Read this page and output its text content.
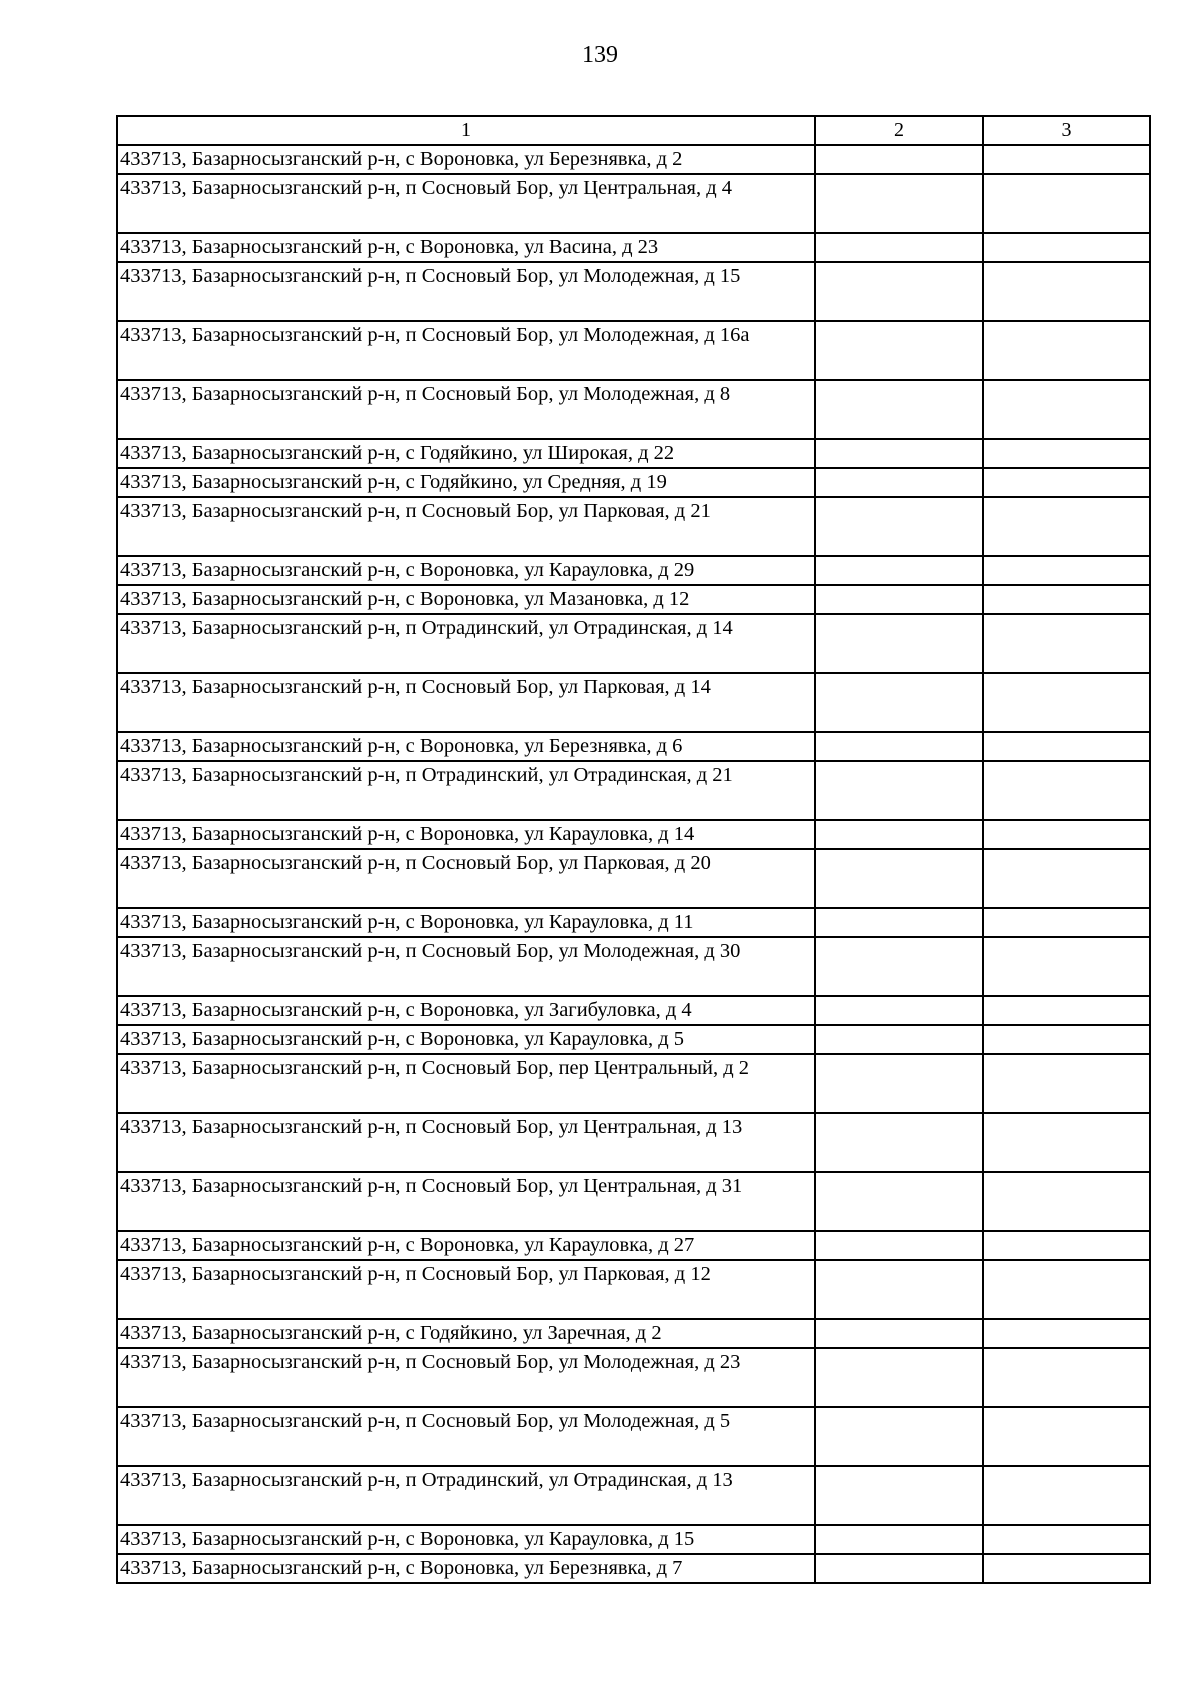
139
1	2	3
433713, Базарносызганский р-н, с Вороновка, ул Березнявка, д 2		
433713, Базарносызганский р-н, п Сосновый Бор, ул Центральная, д 4		
433713, Базарносызганский р-н, с Вороновка, ул Васина, д 23		
433713, Базарносызганский р-н, п Сосновый Бор, ул Молодежная, д 15		
433713, Базарносызганский р-н, п Сосновый Бор, ул Молодежная, д 16а		
433713, Базарносызганский р-н, п Сосновый Бор, ул Молодежная, д 8		
433713, Базарносызганский р-н, с Годяйкино, ул Широкая, д 22		
433713, Базарносызганский р-н, с Годяйкино, ул Средняя, д 19		
433713, Базарносызганский р-н, п Сосновый Бор, ул Парковая, д 21		
433713, Базарносызганский р-н, с Вороновка, ул Карауловка, д 29		
433713, Базарносызганский р-н, с Вороновка, ул Мазановка, д 12		
433713, Базарносызганский р-н, п Отрадинский, ул Отрадинская, д 14		
433713, Базарносызганский р-н, п Сосновый Бор, ул Парковая, д 14		
433713, Базарносызганский р-н, с Вороновка, ул Березнявка, д 6		
433713, Базарносызганский р-н, п Отрадинский, ул Отрадинская, д 21		
433713, Базарносызганский р-н, с Вороновка, ул Карауловка, д 14		
433713, Базарносызганский р-н, п Сосновый Бор, ул Парковая, д 20		
433713, Базарносызганский р-н, с Вороновка, ул Карауловка, д 11		
433713, Базарносызганский р-н, п Сосновый Бор, ул Молодежная, д 30		
433713, Базарносызганский р-н, с Вороновка, ул Загибуловка, д 4		
433713, Базарносызганский р-н, с Вороновка, ул Карауловка, д 5		
433713, Базарносызганский р-н, п Сосновый Бор, пер Центральный, д 2		
433713, Базарносызганский р-н, п Сосновый Бор, ул Центральная, д 13		
433713, Базарносызганский р-н, п Сосновый Бор, ул Центральная, д 31		
433713, Базарносызганский р-н, с Вороновка, ул Карауловка, д 27		
433713, Базарносызганский р-н, п Сосновый Бор, ул Парковая, д 12		
433713, Базарносызганский р-н, с Годяйкино, ул Заречная, д 2		
433713, Базарносызганский р-н, п Сосновый Бор, ул Молодежная, д 23		
433713, Базарносызганский р-н, п Сосновый Бор, ул Молодежная, д 5		
433713, Базарносызганский р-н, п Отрадинский, ул Отрадинская, д 13		
433713, Базарносызганский р-н, с Вороновка, ул Карауловка, д 15		
433713, Базарносызганский р-н, с Вороновка, ул Березнявка, д 7		
